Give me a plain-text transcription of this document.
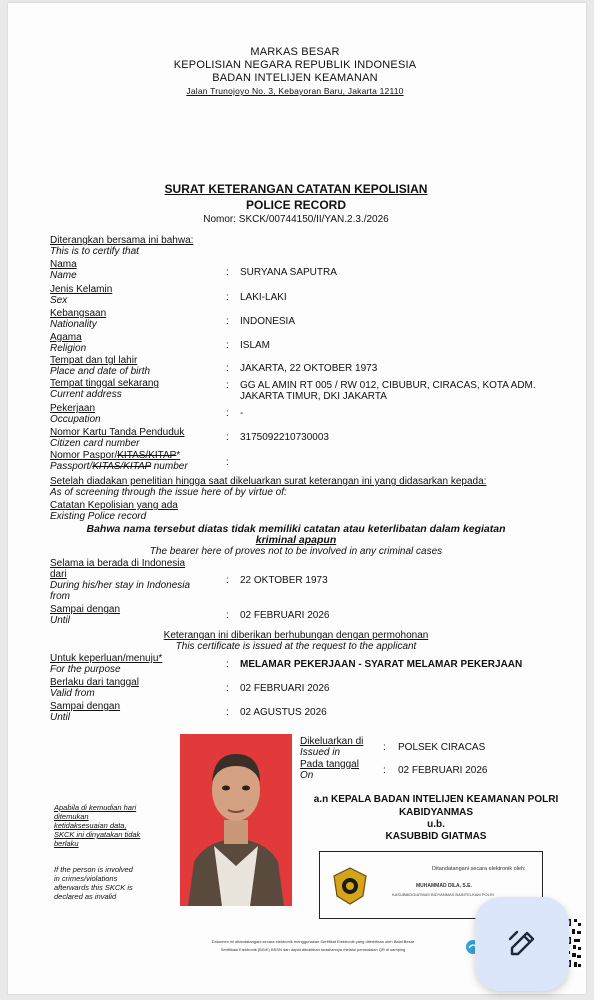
MARKAS BESAR
KEPOLISIAN NEGARA REPUBLIK INDONESIA
BADAN INTELIJEN KEAMANAN
Jalan Trunojoyo No. 3, Kebayoran Baru, Jakarta 12110
SURAT KETERANGAN CATATAN KEPOLISIAN
POLICE RECORD
Nomor: SKCK/00744150/II/YAN.2.3./2026
Diterangkan bersama ini bahwa:
This is to certify that
Nama
Name	: SURYANA SAPUTRA
Jenis Kelamin
Sex	: LAKI-LAKI
Kebangsaan
Nationality	: INDONESIA
Agama
Religion	: ISLAM
Tempat dan tgl lahir
Place and date of birth	: JAKARTA, 22 OKTOBER 1973
Tempat tinggal sekarang
Current address
: GG AL AMIN RT 005 / RW 012, CIBUBUR, CIRACAS, KOTA ADM.
JAKARTA TIMUR, DKI JAKARTA
Pekerjaan
Occupation
: -
Nomor Kartu Tanda Penduduk
Citizen card number
: 3175092210730003
Nomor Paspor/KITAS/KITAP*
Passport/KITAS/KITAP number	:
Setelah diadakan penelitian hingga saat dikeluarkan surat keterangan ini yang didasarkan kepada:
As of screening through the issue here of by virtue of:
Catatan Kepolisian yang ada
Existing Police record
Bahwa nama tersebut diatas tidak memiliki catatan atau keterlibatan dalam kegiatan
kriminal apapun
The bearer here of proves not to be involved in any criminal cases
Selama ia berada di Indonesia
dari
During his/her stay in Indonesia
from
: 22 OKTOBER 1973
Sampai dengan
Until	: 02 FEBRUARI 2026
Keterangan ini diberikan berhubungan dengan permohonan
This certificate is issued at the request to the applicant
Untuk keperluan/menuju*
For the purpose	: MELAMAR PEKERJAAN - SYARAT MELAMAR PEKERJAAN
Berlaku dari tanggal
Valid from	: 02 FEBRUARI 2026
Sampai dengan
Until	: 02 AGUSTUS 2026
Apabila di kemudian hari
ditemukan
ketidaksesuaian data,
SKCK ini dinyatakan tidak
berlaku
If the person is involved
in crimes/violations
afterwards this SKCK is
declared as invalid
Dikeluarkan di
Issued in	: POLSEK CIRACAS
Pada tanggal
On	: 02 FEBRUARI 2026
a.n KEPALA BADAN INTELIJEN KEAMANAN POLRI
KABIDYANMAS
u.b.
KASUBBID GIATMAS
Ditandatangani secara elektronik oleh:
MUHAMMAD DILA, S.E.
KASUBBIDGIATMAS BIDYANMAS BAINTELKAM POLRI
Dokumen ini ditandatangani secara elektronik menggunakan Sertifikat Elektronik yang diterbitkan oleh Balai Besar
Sertifikasi Elektronik (BSrE) BSSN dan dapat dibuktikan keasliannya melalui pemindaian QR di samping
